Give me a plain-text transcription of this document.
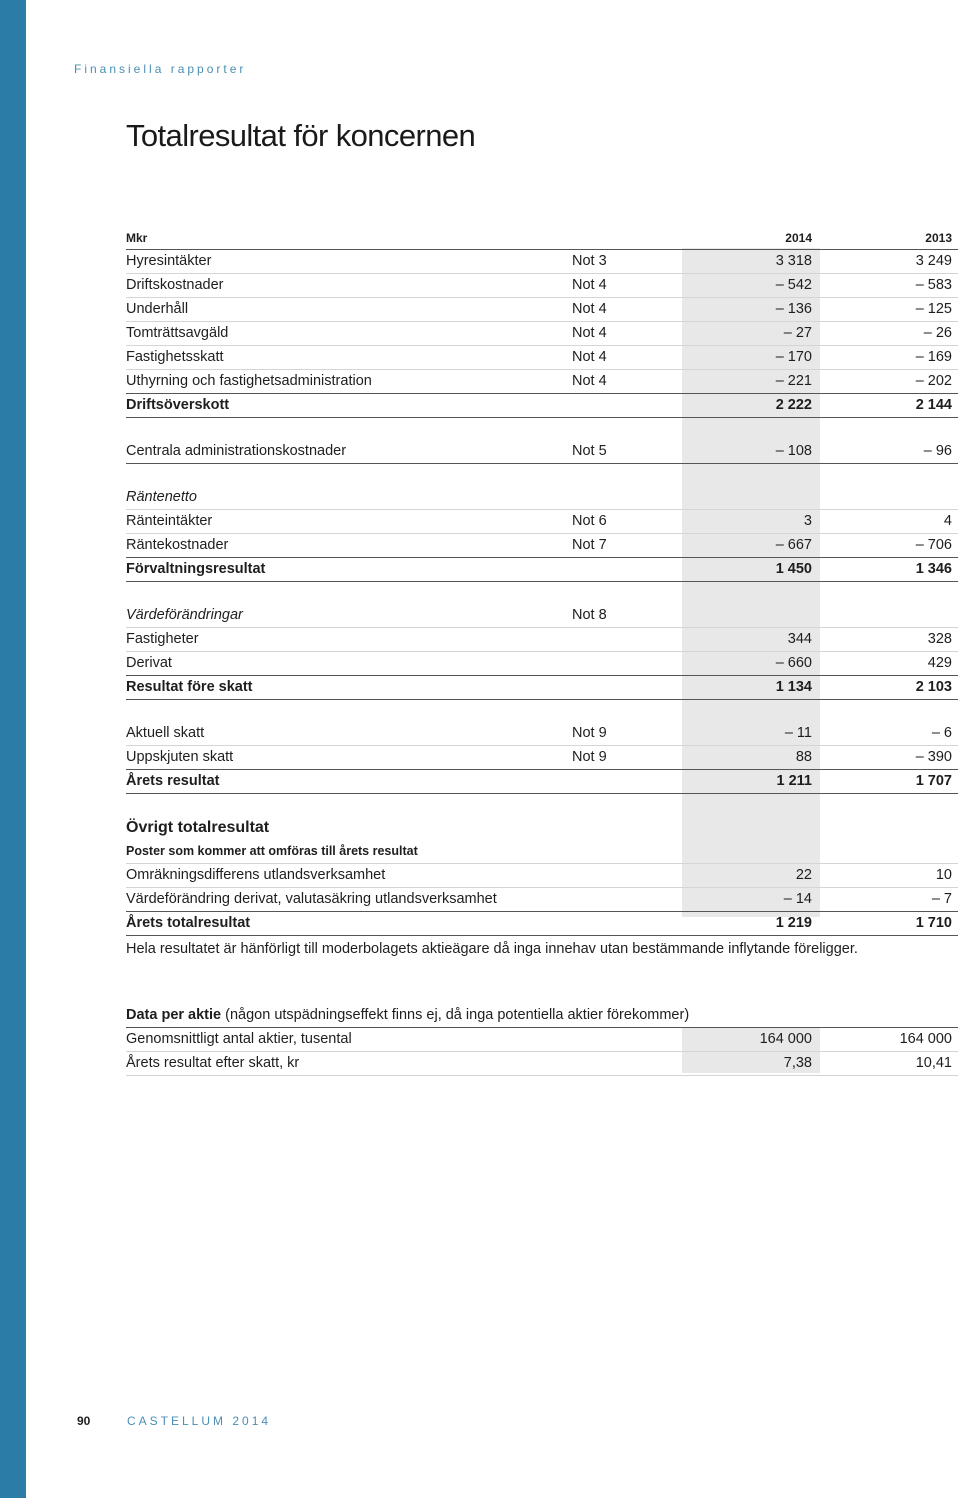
Finansiella rapporter
Totalresultat för koncernen
Mkr	2014	2013
Hyresintäkter	Not 3	3 318	3 249
Driftskostnader	Not 4	– 542	– 583
Underhåll	Not 4	– 136	– 125
Tomträttsavgäld	Not 4	– 27	– 26
Fastighetsskatt	Not 4	– 170	– 169
Uthyrning och fastighetsadministration	Not 4	– 221	– 202
Driftsöverskott	2 222	2 144
Centrala administrationskostnader	Not 5	– 108	– 96
Räntenetto
Ränteintäkter	Not 6	3	4
Räntekostnader	Not 7	– 667	– 706
Förvaltningsresultat	1 450	1 346
Värdeförändringar	Not 8
Fastigheter	344	328
Derivat	– 660	429
Resultat före skatt	1 134	2 103
Aktuell skatt	Not 9	– 11	– 6
Uppskjuten skatt	Not 9	88	– 390
Årets resultat	1 211	1 707
Övrigt totalresultat
Poster som kommer att omföras till årets resultat
Omräkningsdifferens utlandsverksamhet	22	10
Värdeförändring derivat, valutasäkring utlandsverksamhet	– 14	– 7
Årets totalresultat	1 219	1 710
Hela resultatet är hänförligt till moderbolagets aktieägare då inga innehav utan bestämmande inflytande föreligger.
Data per aktie (någon utspädningseffekt finns ej, då inga potentiella aktier förekommer)
Genomsnittligt antal aktier, tusental	164 000	164 000
Årets resultat efter skatt, kr	7,38	10,41
90	CASTELLUM 2014
